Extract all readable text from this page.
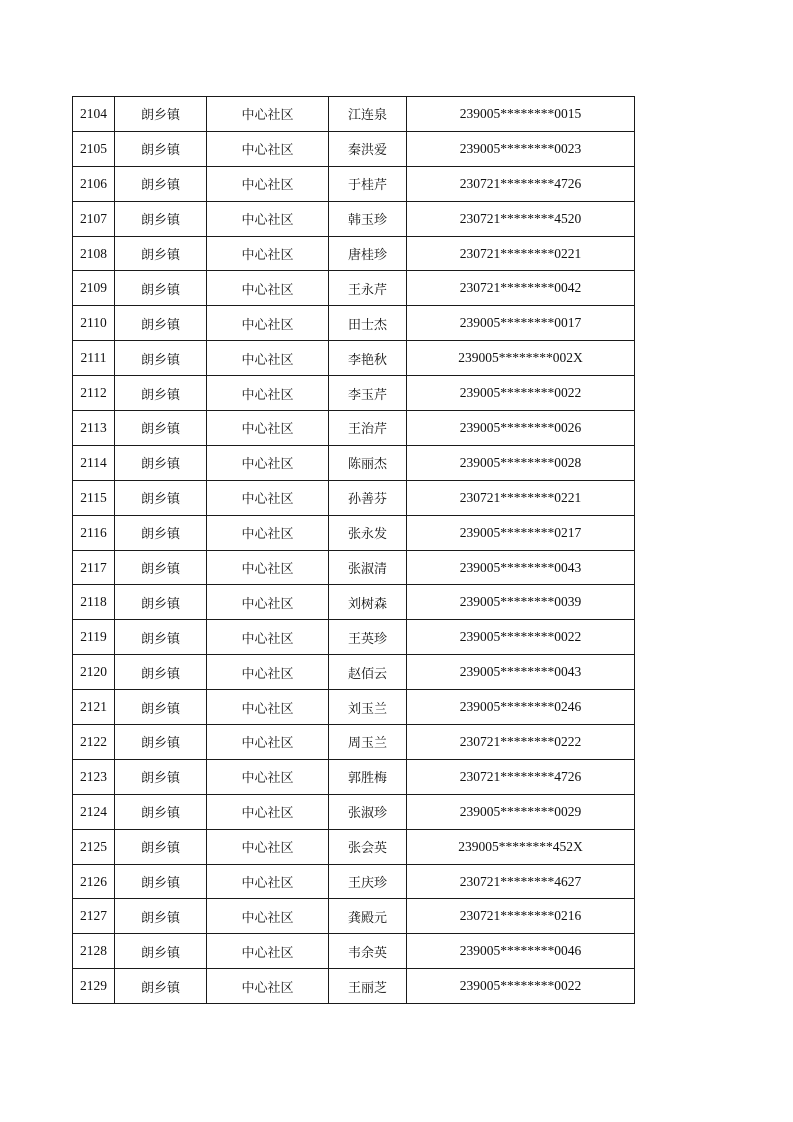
2104	朗乡镇	中心社区	江连泉	239005********0015
2105	朗乡镇	中心社区	秦洪爱	239005********0023
2106	朗乡镇	中心社区	于桂芹	230721********4726
2107	朗乡镇	中心社区	韩玉珍	230721********4520
2108	朗乡镇	中心社区	唐桂珍	230721********0221
2109	朗乡镇	中心社区	王永芹	230721********0042
2110	朗乡镇	中心社区	田士杰	239005********0017
2111	朗乡镇	中心社区	李艳秋	239005********002X
2112	朗乡镇	中心社区	李玉芹	239005********0022
2113	朗乡镇	中心社区	王治芹	239005********0026
2114	朗乡镇	中心社区	陈丽杰	239005********0028
2115	朗乡镇	中心社区	孙善芬	230721********0221
2116	朗乡镇	中心社区	张永发	239005********0217
2117	朗乡镇	中心社区	张淑清	239005********0043
2118	朗乡镇	中心社区	刘树森	239005********0039
2119	朗乡镇	中心社区	王英珍	239005********0022
2120	朗乡镇	中心社区	赵佰云	239005********0043
2121	朗乡镇	中心社区	刘玉兰	239005********0246
2122	朗乡镇	中心社区	周玉兰	230721********0222
2123	朗乡镇	中心社区	郭胜梅	230721********4726
2124	朗乡镇	中心社区	张淑珍	239005********0029
2125	朗乡镇	中心社区	张会英	239005********452X
2126	朗乡镇	中心社区	王庆珍	230721********4627
2127	朗乡镇	中心社区	龚殿元	230721********0216
2128	朗乡镇	中心社区	韦余英	239005********0046
2129	朗乡镇	中心社区	王丽芝	239005********0022
